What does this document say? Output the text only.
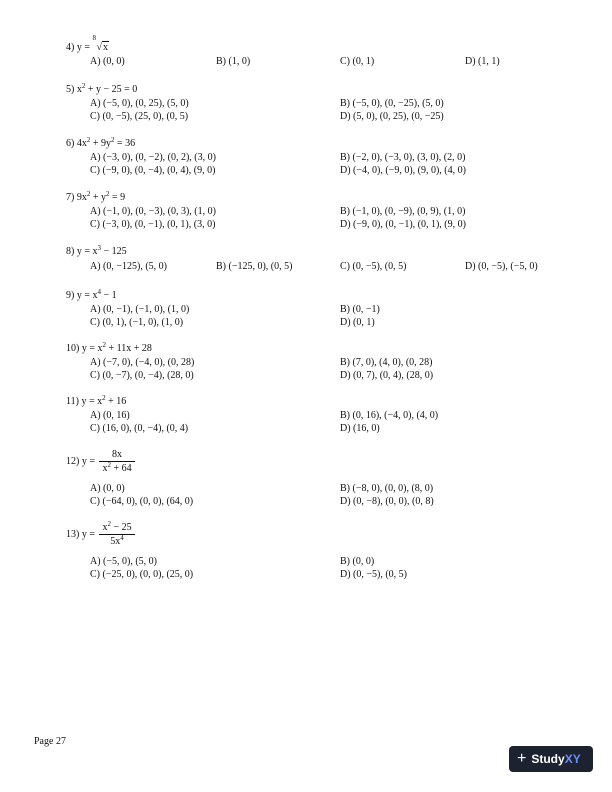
4) y =
8
√x
A) (0, 0)	B) (1, 0)	C) (0, 1)	D) (1, 1)
5) $x^2 + y - 25 = 0$
A) (−5, 0), (0, 25), (5, 0)	B) (−5, 0), (0, −25), (5, 0)
C) (0, −5), (25, 0), (0, 5)	D) (5, 0), (0, 25), (0, −25)
6) $4x^2 + 9y^2 = 36$
A) (−3, 0), (0, −2), (0, 2), (3, 0)	B) (−2, 0), (−3, 0), (3, 0), (2, 0)
C) (−9, 0), (0, −4), (0, 4), (9, 0)	D) (−4, 0), (−9, 0), (9, 0), (4, 0)
7) $9x^2 + y^2 = 9$
A) (−1, 0), (0, −3), (0, 3), (1, 0)	B) (−1, 0), (0, −9), (0, 9), (1, 0)
C) (−3, 0), (0, −1), (0, 1), (3, 0)	D) (−9, 0), (0, −1), (0, 1), (9, 0)
8) $y = x^3 - 125$
A) (0, −125), (5, 0)	B) (−125, 0), (0, 5)	C) (0, −5), (0, 5)	D) (0, −5), (−5, 0)
9) $y = x^4 - 1$
A) (0, −1), (−1, 0), (1, 0)	B) (0, −1)
C) (0, 1), (−1, 0), (1, 0)	D) (0, 1)
10) $y = x^2 + 11x + 28$
A) (−7, 0), (−4, 0), (0, 28)	B) (7, 0), (4, 0), (0, 28)
C) (0, −7), (0, −4), (28, 0)	D) (0, 7), (0, 4), (28, 0)
11) $y = x^2 + 16$
A) (0, 16)	B) (0, 16), (−4, 0), (4, 0)
C) (16, 0), (0, −4), (0, 4)	D) (16, 0)
12) $y = \frac{8x}{x^2 + 64}$
A) (0, 0)	B) (−8, 0), (0, 0), (8, 0)
C) (−64, 0), (0, 0), (64, 0)	D) (0, −8), (0, 0), (0, 8)
13) $y = \frac{x^2 - 25}{5x^4}$
A) (−5, 0), (5, 0)	B) (0, 0)
C) (−25, 0), (0, 0), (25, 0)	D) (0, −5), (0, 5)
Page 27
+ StudyXY
